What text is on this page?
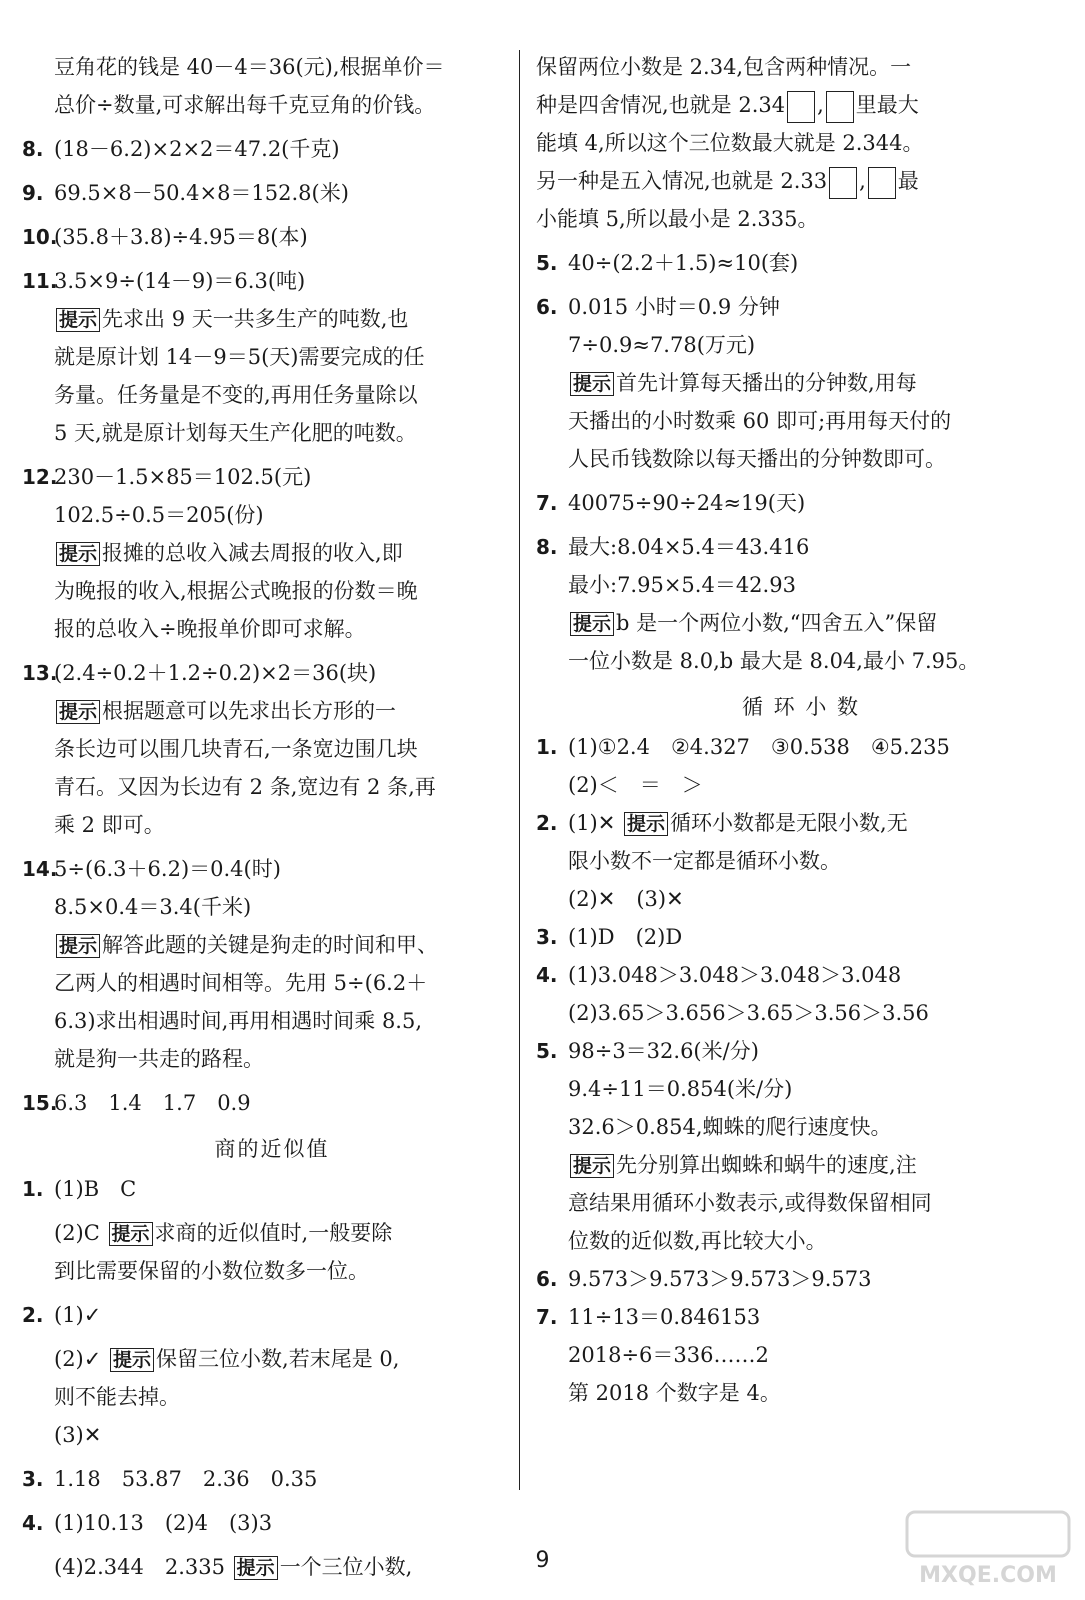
豆角花的钱是 40－4＝36(元),根据单价＝
总价÷数量,可求解出每千克豆角的价钱。
8. (18－6.2)×2×2＝47.2(千克)
9. 69.5×8－50.4×8＝152.8(米)
10.(35.8＋3.8)÷4.95＝8(本)
11.3.5×9÷(14－9)＝6.3(吨)
提示 先求出 9 天一共多生产的吨数,也
就是原计划 14－9＝5(天)需要完成的任
务量。任务量是不变的,再用任务量除以
5 天,就是原计划每天生产化肥的吨数。
12.230－1.5×85＝102.5(元)
102.5÷0.5＝205(份)
提示 报摊的总收入减去周报的收入,即
为晚报的收入,根据公式晚报的份数＝晚
报的总收入÷晚报单价即可求解。
13.(2.4÷0.2＋1.2÷0.2)×2＝36(块)
提示 根据题意可以先求出长方形的一
条长边可以围几块青石,一条宽边围几块
青石。又因为长边有 2 条,宽边有 2 条,再
乘 2 即可。
14.5÷(6.3＋6.2)＝0.4(时)
8.5×0.4＝3.4(千米)
提示 解答此题的关键是狗走的时间和甲、
乙两人的相遇时间相等。先用 5÷(6.2＋
6.3)求出相遇时间,再用相遇时间乘 8.5,
就是狗一共走的路程。
15.6.3　1.4　1.7　0.9
商的近似值
1. (1)B　C
(2)C 提示 求商的近似值时,一般要除
到比需要保留的小数位数多一位。
2. (1)✓
(2)✓ 提示 保留三位小数,若末尾是 0,
则不能去掉。
(3)✕
3. 1.18　53.87　2.36　0.35
4. (1)10.13　(2)4　(3)3
(4)2.344　2.335 提示 一个三位小数,
保留两位小数是 2.34,包含两种情况。一
种是四舍情况,也就是 2.34 , 里最大
能填 4,所以这个三位数最大就是 2.344。
另一种是五入情况,也就是 2.33 , 最
小能填 5,所以最小是 2.335。
5. 40÷(2.2＋1.5)≈10(套)
6. 0.015 小时＝0.9 分钟
7÷0.9≈7.78(万元)
提示 首先计算每天播出的分钟数,用每
天播出的小时数乘 60 即可;再用每天付的
人民币钱数除以每天播出的分钟数即可。
7. 40075÷90÷24≈19(天)
8. 最大:8.04×5.4＝43.416
最小:7.95×5.4＝42.93
提示 b 是一个两位小数,“四舍五入”保留
一位小数是 8.0,b 最大是 8.04,最小 7.95。
循 环 小 数
1. (1)①2.4　②4.327　③0.538　④5.235
(2)＜　＝　＞
2. (1)✕ 提示 循环小数都是无限小数,无
限小数不一定都是循环小数。
(2)✕　(3)✕
3. (1)D　(2)D
4. (1)3.048＞3.048＞3.048＞3.048
(2)3.65＞3.656＞3.65＞3.56＞3.56
5. 98÷3＝32.6(米/分)
9.4÷11＝0.854(米/分)
32.6＞0.854,蜘蛛的爬行速度快。
提示 先分别算出蜘蛛和蜗牛的速度,注
意结果用循环小数表示,或得数保留相同
位数的近似数,再比较大小。
6. 9.573＞9.573＞9.573＞9.573
7. 11÷13＝0.846153
2018÷6＝336……2
第 2018 个数字是 4。
9
MXQE.COM
